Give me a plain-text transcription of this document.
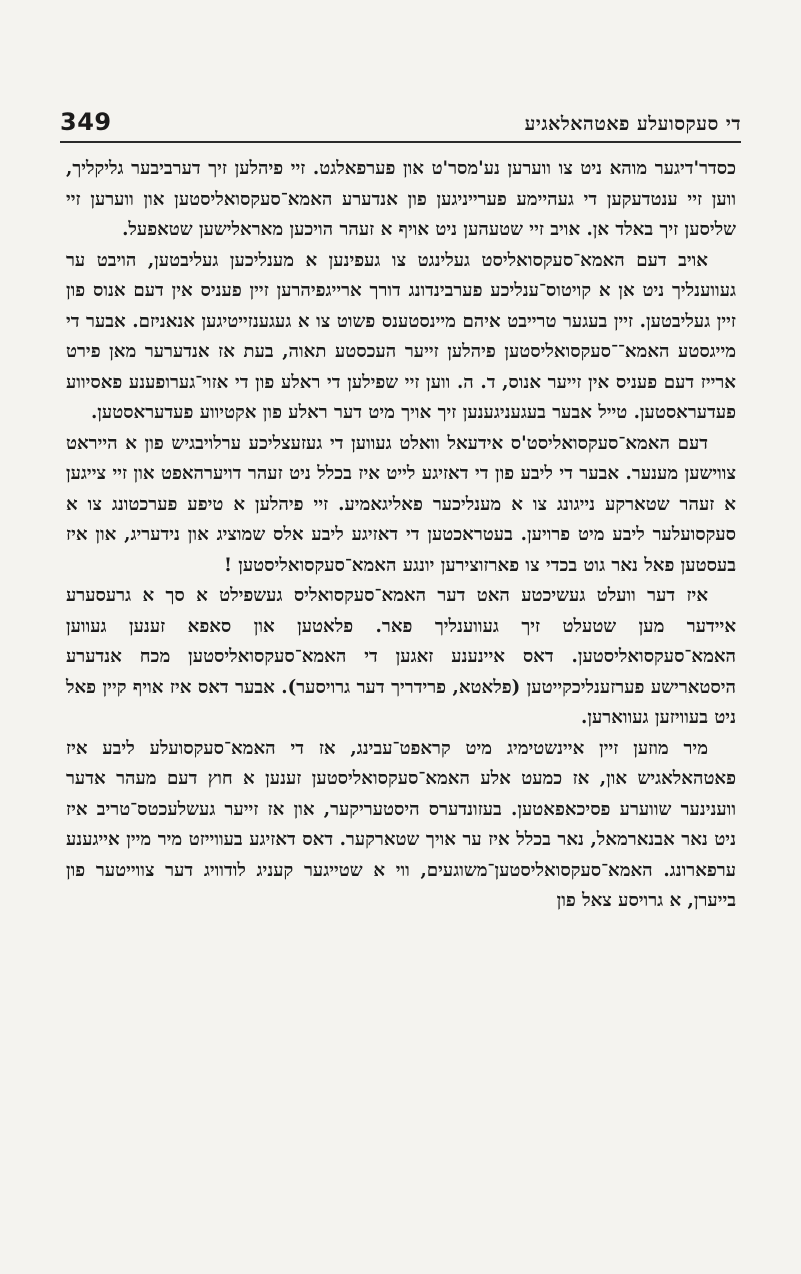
349	די סעקסועלע פאטהאלאגיע

כסדר'דיגער מוהא ניט צו ווערען נע'מסר'ט און פערפאלגט. זיי פיהלען זיך דערביבער גליקליך, ווען זיי ענטדעקען די געהיימע פערייניגען פון אנדערע האמא־סעקסואליסטען און ווערען זיי שליסען זיך באלד אן. אויב זיי שטעהען ניט אויף א זעהר הויכען מאראלישען שטאפעל.

אויב דעם האמא־סעקסואליסט געלינגט צו געפינען א מענליכען געליבטען, הויבט ער געווענליך ניט אן א קויטוס־ענליכע פערבינדונג דורך ארייגפיהרען זיין פעניס אין דעם אנוס פון זיין געליבטען. זיין בעגער טרייבט איהם מיינסטענס פשוט צו א געגענזייטיגען אנאניזם. אבער די מייגסטע האמא־־סעקסואליסטען פיהלען זייער העכסטע תאוה, בעת אז אנדערער מאן פירט ארייז דעם פעניס אין זייער אנוס, ד. ה. ווען זיי שפילען די ראלע פון די אזוי־גערופענע פאסיווע פעדעראסטען. טייל אבער בעגעניגענען זיך אויך מיט דער ראלע פון אקטיווע פעדעראסטען.

דעם האמא־סעקסואליסט'ס אידעאל וואלט געווען די געזעצליכע ערלויבגיש פון א הייראט צווישען מענער. אבער די ליבע פון די דאזיגע לייט איז בכלל ניט זעהר דויערהאפט און זיי צייגען א זעהר שטארקע נייגונג צו א מענליכער פאליגאמיע. זיי פיהלען א טיפע פערכטונג צו א סעקסועלער ליבע מיט פרויען. בעטראכטען די דאזיגע ליבע אלס שמוציג און נידעריג, און איז בעסטען פאל נאר גוט בכדי צו פארזוצירען יונגע האמא־סעקסואליסטען !

איז דער וועלט געשיכטע האט דער האמא־סעקסואליס געשפילט א סך א גרעסערע איידער מען שטעלט זיך געווענליך פאר. פלאטען און סאפא זענען געווען האמא־סעקסואליסטען. דאס איינענע זאגען די האמא־סעקסואליסטען מכח אנדערע היסטארישע פערזענליכקייטען (פלאטא, פרידריך דער גרויסער). אבער דאס איז אויף קיין פאל ניט בעוויזען געווארען.

מיר מוזען זיין איינשטימיג מיט קראפט־עבינג, אז די האמא־סעקסועלע ליבע איז פאטהאלאגיש און, אז כמעט אלע האמא־סעקסואליסטען זענען א חוץ דעם מעהר אדער ווענינער שווערע פסיכאפאטען. בעזונדערס היסטעריקער, און אז זייער געשלעכטס־טריב איז ניט נאר אבנארמאל, נאר בכלל איז ער אויך שטארקער. דאס דאזיגע בעווייזט מיר מיין אייגענע ערפארונג. האמא־סעקסואליסטען־משוגעים, ווי א שטייגער קעניג לודוויג דער צווייטער פון בייערן, א גרויסע צאל פון
